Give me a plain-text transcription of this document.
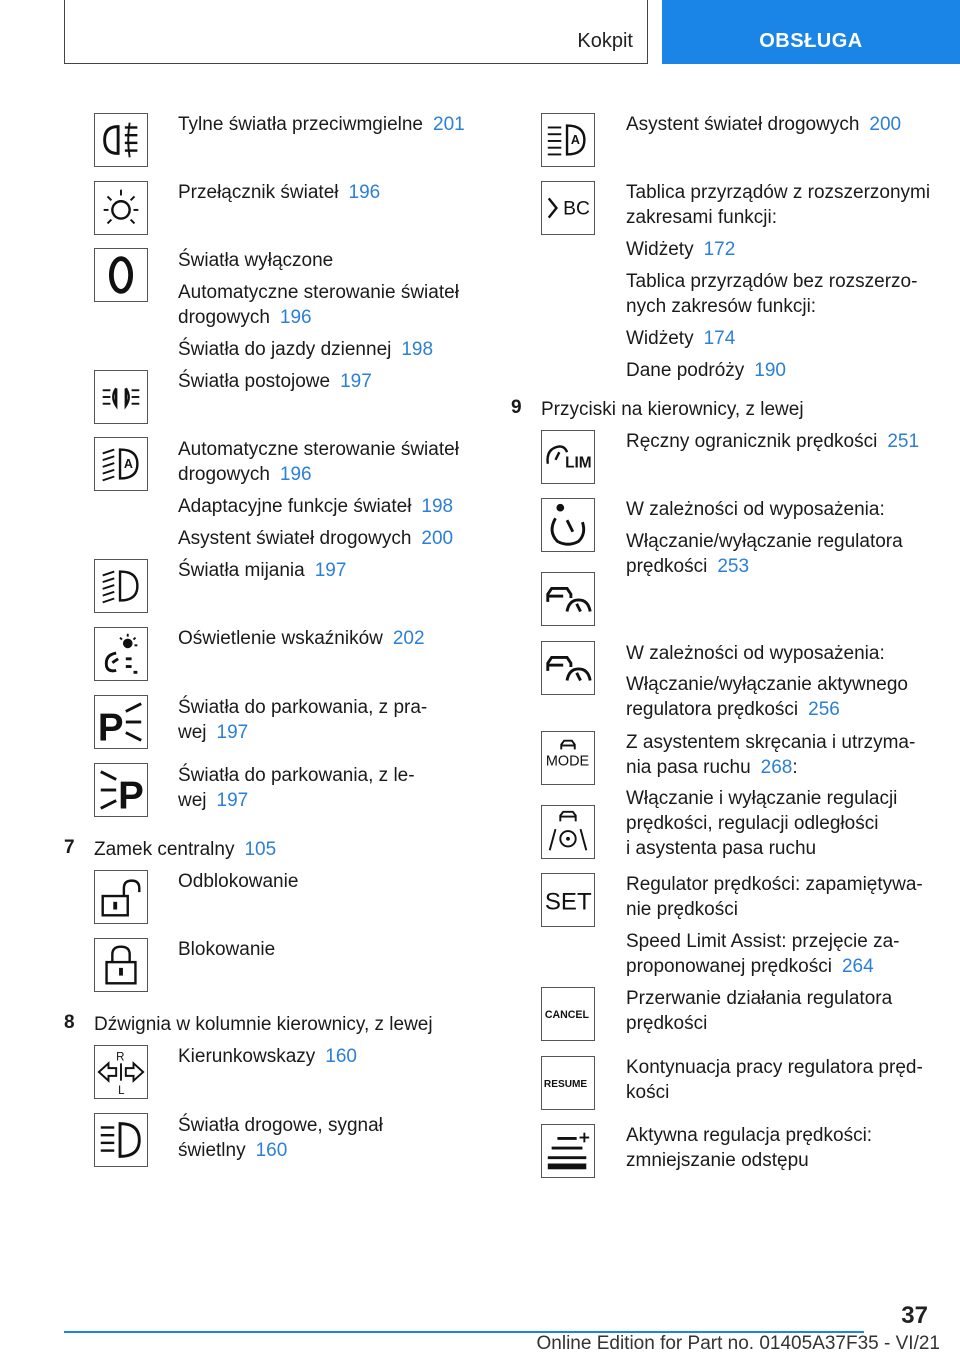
Kokpit	OBSŁUGA
Tylne światła przeciwmgielne 201
Przełącznik świateł 196
Światła wyłączone
Automatyczne sterowanie świateł
drogowych 196
Światła do jazdy dziennej 198
Światła postojowe 197
A
Automatyczne sterowanie świateł
drogowych 196
Adaptacyjne funkcje świateł 198
Asystent świateł drogowych 200
Światła mijania 197
Oświetlenie wskaźników 202
P	Światła do parkowania, z pra-
wej 197
P Światła do parkowania, z le-
wej 197
7 Zamek centralny 105
Odblokowanie
Blokowanie
8 Dźwignia w kolumnie kierownicy, z lewej
R
L
Kierunkowskazy 160
Światła drogowe, sygnał
świetlny 160
A
Asystent świateł drogowych 200
BC
Tablica przyrządów z rozszerzonymi
zakresami funkcji:
Widżety 172
Tablica przyrządów bez rozszerzo-
nych zakresów funkcji:
Widżety 174
Dane podróży 190
9 Przyciski na kierownicy, z lewej
LIM
Ręczny ogranicznik prędkości 251
W zależności od wyposażenia:
Włączanie/wyłączanie regulatora
prędkości 253
W zależności od wyposażenia:
Włączanie/wyłączanie aktywnego
regulatora prędkości 256
MODE
Z asystentem skręcania i utrzyma-
nia pasa ruchu 268:
Włączanie i wyłączanie regulacji
prędkości, regulacji odległości
i asystenta pasa ruchu
SET
Regulator prędkości: zapamiętywa-
nie prędkości
Speed Limit Assist: przejęcie za-
proponowanej prędkości 264
CANCEL
Przerwanie działania regulatora
prędkości
RESUME
Kontynuacja pracy regulatora pręd-
kości
Aktywna regulacja prędkości:
zmniejszanie odstępu
37
Online Edition for Part no. 01405A37F35 - VI/21
